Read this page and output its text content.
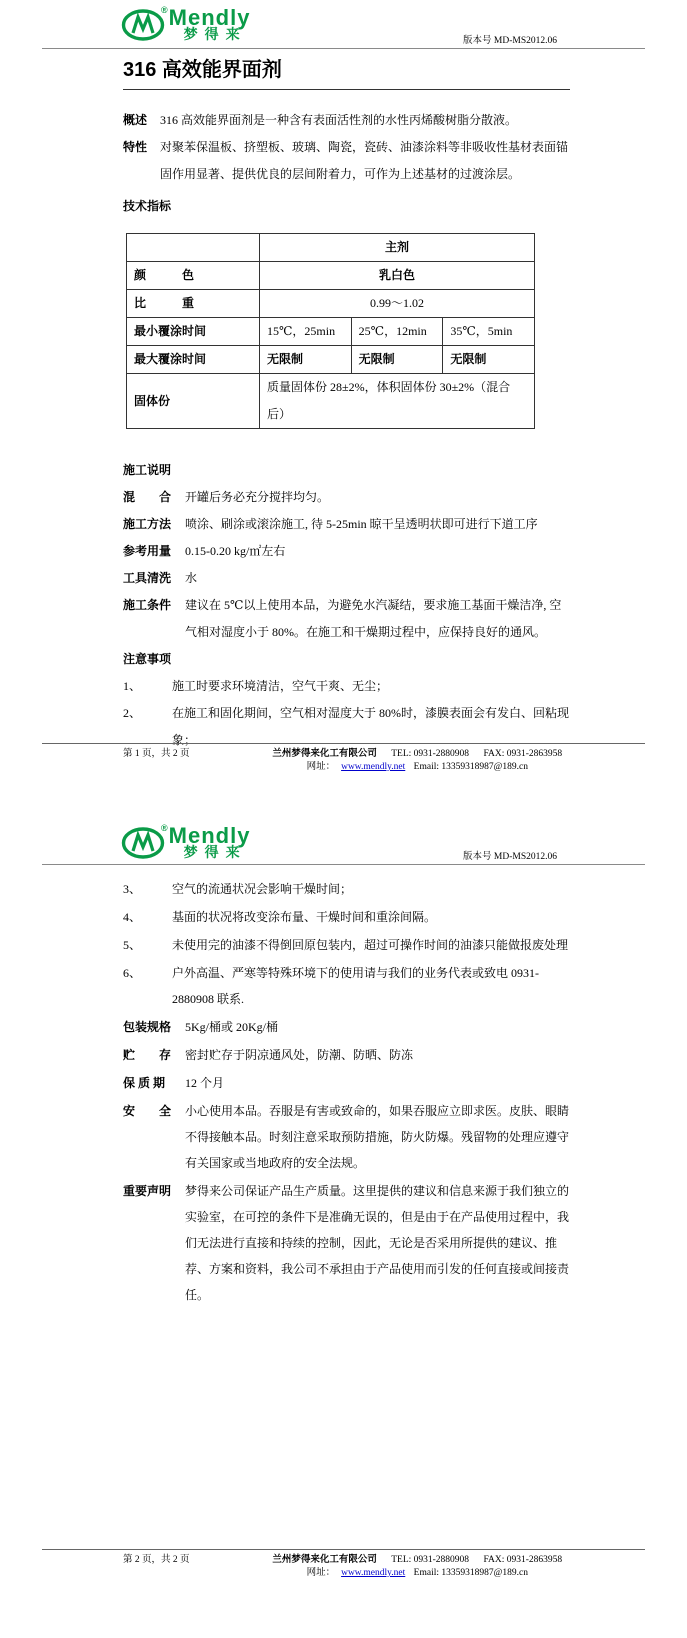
® Mendly
梦得来	版本号 MD-MS2012.06
316 高效能界面剂
概述	316 高效能界面剂是一种含有表面活性剂的水性丙烯酸树脂分散液。
特性	对聚苯保温板、挤塑板、玻璃、陶瓷，瓷砖、油漆涂料等非吸收性基材表面锚固作用显著、提供优良的层间附着力，可作为上述基材的过渡涂层。
技术指标
	主剂		
颜　　　色	乳白色		
比　　　重	0.99～1.02		
最小覆涂时间	15℃，25min	25℃，12min	35℃，5min
最大覆涂时间	无限制	无限制	无限制
固体份	质量固体份 28±2%，体积固体份 30±2%（混合后）		
施工说明
混　　合	开罐后务必充分搅拌均匀。
施工方法	喷涂、刷涂或滚涂施工, 待 5-25min 晾干呈透明状即可进行下道工序
参考用量	0.15-0.20 kg/㎡左右
工具清洗	水
施工条件	建议在 5℃以上使用本品，为避免水汽凝结，要求施工基面干燥洁净, 空气相对湿度小于 80%。在施工和干燥期过程中，应保持良好的通风。
注意事项
1、	施工时要求环境清洁，空气干爽、无尘；
2、	在施工和固化期间，空气相对湿度大于 80%时，漆膜表面会有发白、回粘现象；
第 1 页，共 2 页	兰州梦得来化工有限公司 TEL: 0931-2880908 FAX: 0931-2863958
网址： www.mendly.net Email: 13359318987@189.cn
® Mendly
梦得来	版本号 MD-MS2012.06
3、	空气的流通状况会影响干燥时间；
4、	基面的状况将改变涂布量、干燥时间和重涂间隔。
5、	未使用完的油漆不得倒回原包装内，超过可操作时间的油漆只能做报废处理
6、	户外高温、严寒等特殊环境下的使用请与我们的业务代表或致电 0931-2880908 联系.
包装规格	5Kg/桶或 20Kg/桶
贮　　存	密封贮存于阴凉通风处，防潮、防晒、防冻
保 质 期	12 个月
安　　全	小心使用本品。吞服是有害或致命的，如果吞服应立即求医。皮肤、眼睛不得接触本品。时刻注意采取预防措施，防火防爆。残留物的处理应遵守有关国家或当地政府的安全法规。
重要声明	梦得来公司保证产品生产质量。这里提供的建议和信息来源于我们独立的实验室，在可控的条件下是准确无误的，但是由于在产品使用过程中，我们无法进行直接和持续的控制，因此，无论是否采用所提供的建议、推荐、方案和资料，我公司不承担由于产品使用而引发的任何直接或间接责任。
第 2 页，共 2 页	兰州梦得来化工有限公司 TEL: 0931-2880908 FAX: 0931-2863958
网址： www.mendly.net Email: 13359318987@189.cn
